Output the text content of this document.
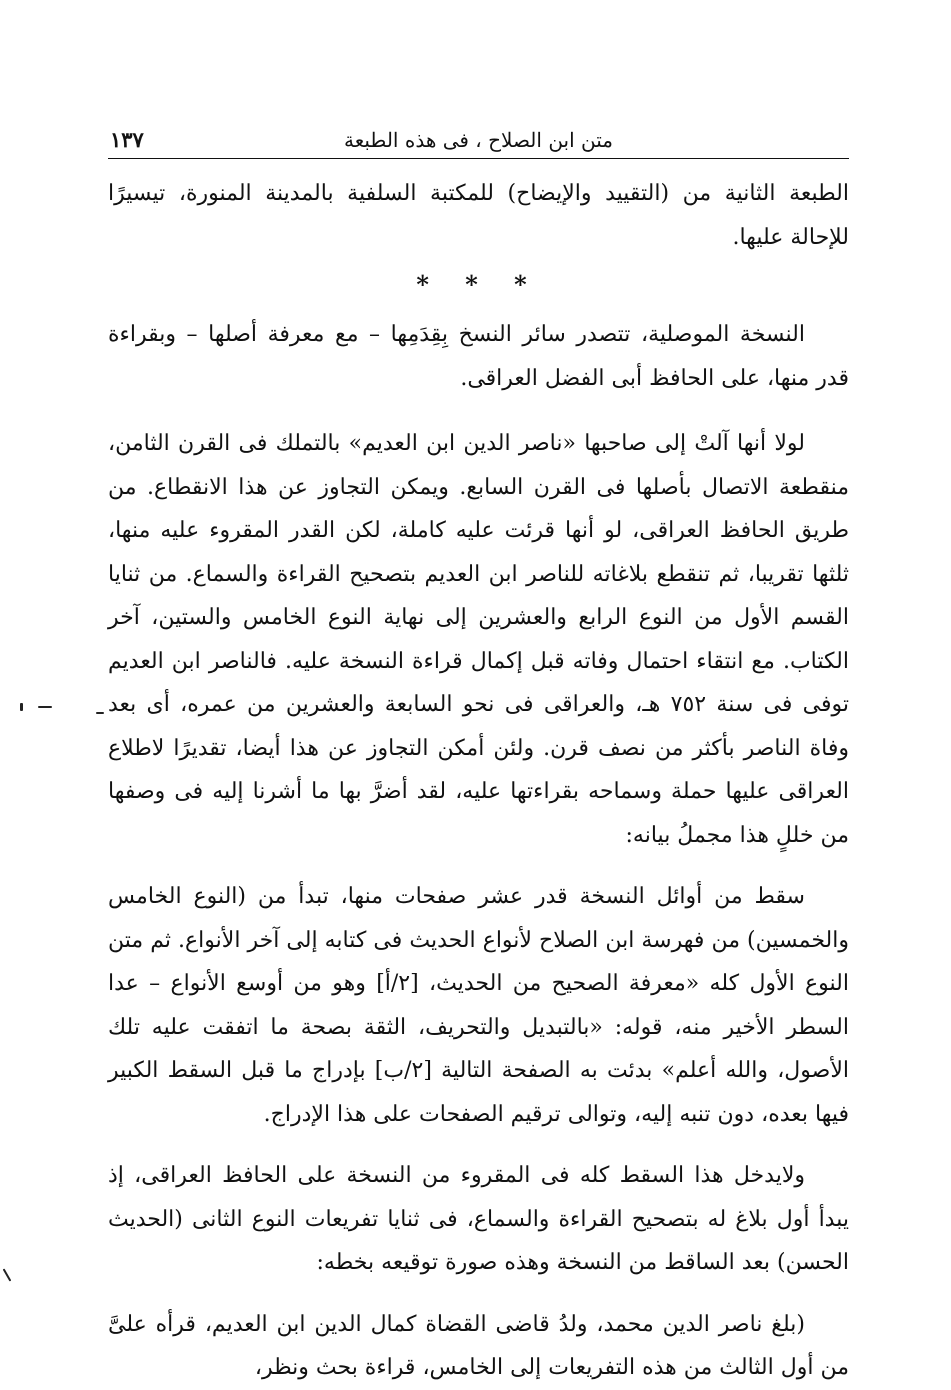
متن ابن الصلاح ، فى هذه الطبعة
١٣٧

الطبعة الثانية من (التقييد والإيضاح) للمكتبة السلفية بالمدينة المنورة، تيسيرًا للإحالة عليها.

* * *

النسخة الموصلية، تتصدر سائر النسخ بِقِدَمِها – مع معرفة أصلها – وبقراءة قدر منها، على الحافظ أبى الفضل العراقى.

لولا أنها آلتْ إلى صاحبها «ناصر الدين ابن العديم» بالتملك فى القرن الثامن، منقطعة الاتصال بأصلها فى القرن السابع. ويمكن التجاوز عن هذا الانقطاع. من طريق الحافظ العراقى، لو أنها قرئت عليه كاملة، لكن القدر المقروء عليه منها، ثلثها تقريبا، ثم تنقطع بلاغاته للناصر ابن العديم بتصحيح القراءة والسماع. من ثنايا القسم الأول من النوع الرابع والعشرين إلى نهاية النوع الخامس والستين، آخر الكتاب. مع انتقاء احتمال وفاته قبل إكمال قراءة النسخة عليه. فالناصر ابن العديم توفى فى سنة ٧٥٢ هـ، والعراقى فى نحو السابعة والعشرين من عمره، أى بعد وفاة الناصر بأكثر من نصف قرن. ولئن أمكن التجاوز عن هذا أيضا، تقديرًا لاطلاع العراقى عليها حملة وسماحه بقراءتها عليه، لقد أضرَّ بها ما أشرنا إليه فى وصفها من خللٍ هذا مجملُ بيانه:

سقط من أوائل النسخة قدر عشر صفحات منها، تبدأ من (النوع الخامس والخمسين) من فهرسة ابن الصلاح لأنواع الحديث فى كتابه إلى آخر الأنواع. ثم متن النوع الأول كله «معرفة الصحيح من الحديث، [٢/أ] وهو من أوسع الأنواع – عدا السطر الأخير منه، قوله: «بالتبديل والتحريف، الثقة بصحة ما اتفقت عليه تلك الأصول، والله أعلم» بدئت به الصفحة التالية [٢/ب] بإدراج ما قبل السقط الكبير فيها بعده، دون تنبه إليه، وتوالى ترقيم الصفحات على هذا الإدراج.

ولايدخل هذا السقط كله فى المقروء من النسخة على الحافظ العراقى، إذ يبدأ أول بلاغ له بتصحيح القراءة والسماع، فى ثنايا تفريعات النوع الثانى (الحديث الحسن) بعد الساقط من النسخة وهذه صورة توقيعه بخطه:

(بلغ ناصر الدين محمد، ولدُ قاضى القضاة كمال الدين ابن العديم، قرأه علىَّ من أول الثالث من هذه التفريعات إلى الخامس، قراءة بحث ونظر،
